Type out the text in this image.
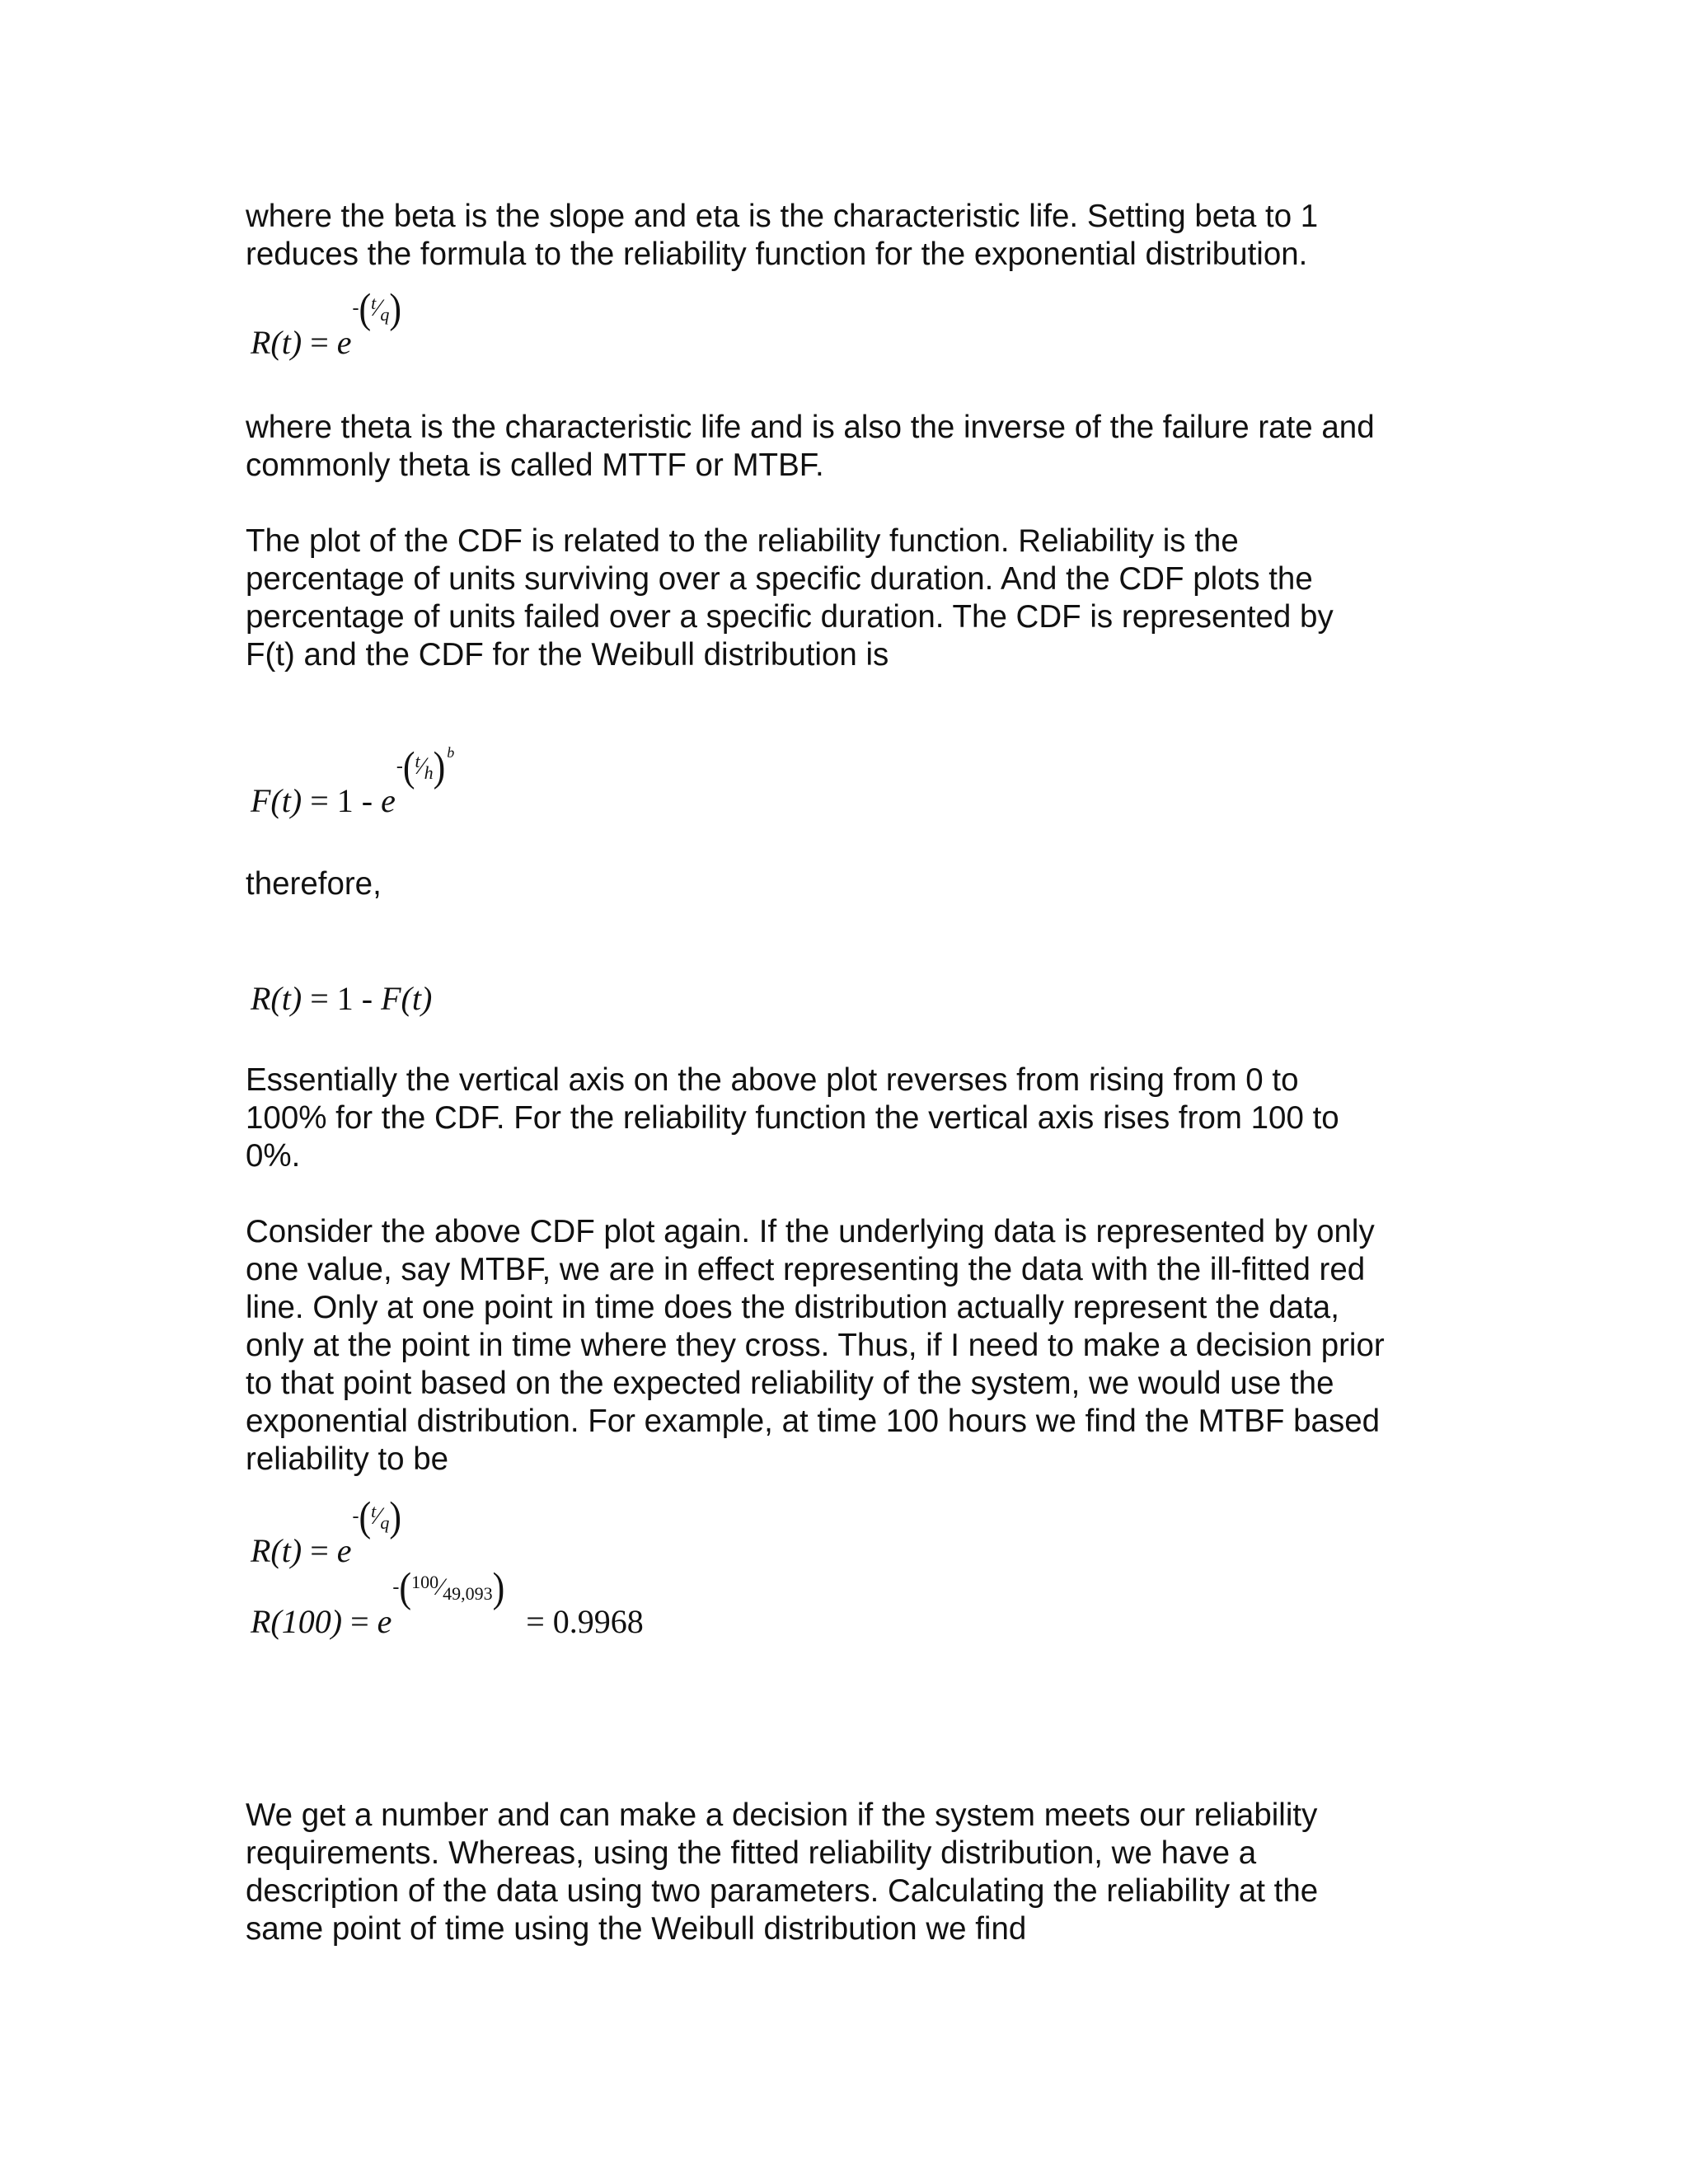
where the beta is the slope and eta is the characteristic life. Setting beta to 1
reduces the formula to the reliability function for the exponential distribution.

R(t) = e-(t⁄q)

where theta is the characteristic life and is also the inverse of the failure rate and
commonly theta is called MTTF or MTBF.

The plot of the CDF is related to the reliability function. Reliability is the
percentage of units surviving over a specific duration. And the CDF plots the
percentage of units failed over a specific duration. The CDF is represented by
F(t) and the CDF for the Weibull distribution is

F(t) = 1 - e-(t⁄h) $^b$

therefore,

R(t) = 1 - F(t)

Essentially the vertical axis on the above plot reverses from rising from 0 to
100% for the CDF. For the reliability function the vertical axis rises from 100 to
0%.

Consider the above CDF plot again. If the underlying data is represented by only
one value, say MTBF, we are in effect representing the data with the ill-fitted red
line. Only at one point in time does the distribution actually represent the data,
only at the point in time where they cross. Thus, if I need to make a decision prior
to that point based on the expected reliability of the system, we would use the
exponential distribution. For example, at time 100 hours we find the MTBF based
reliability to be

R(t) = e-(t⁄q)
R(100) = e-(100⁄49,093)= 0.9968

We get a number and can make a decision if the system meets our reliability
requirements. Whereas, using the fitted reliability distribution, we have a
description of the data using two parameters. Calculating the reliability at the
same point of time using the Weibull distribution we find
